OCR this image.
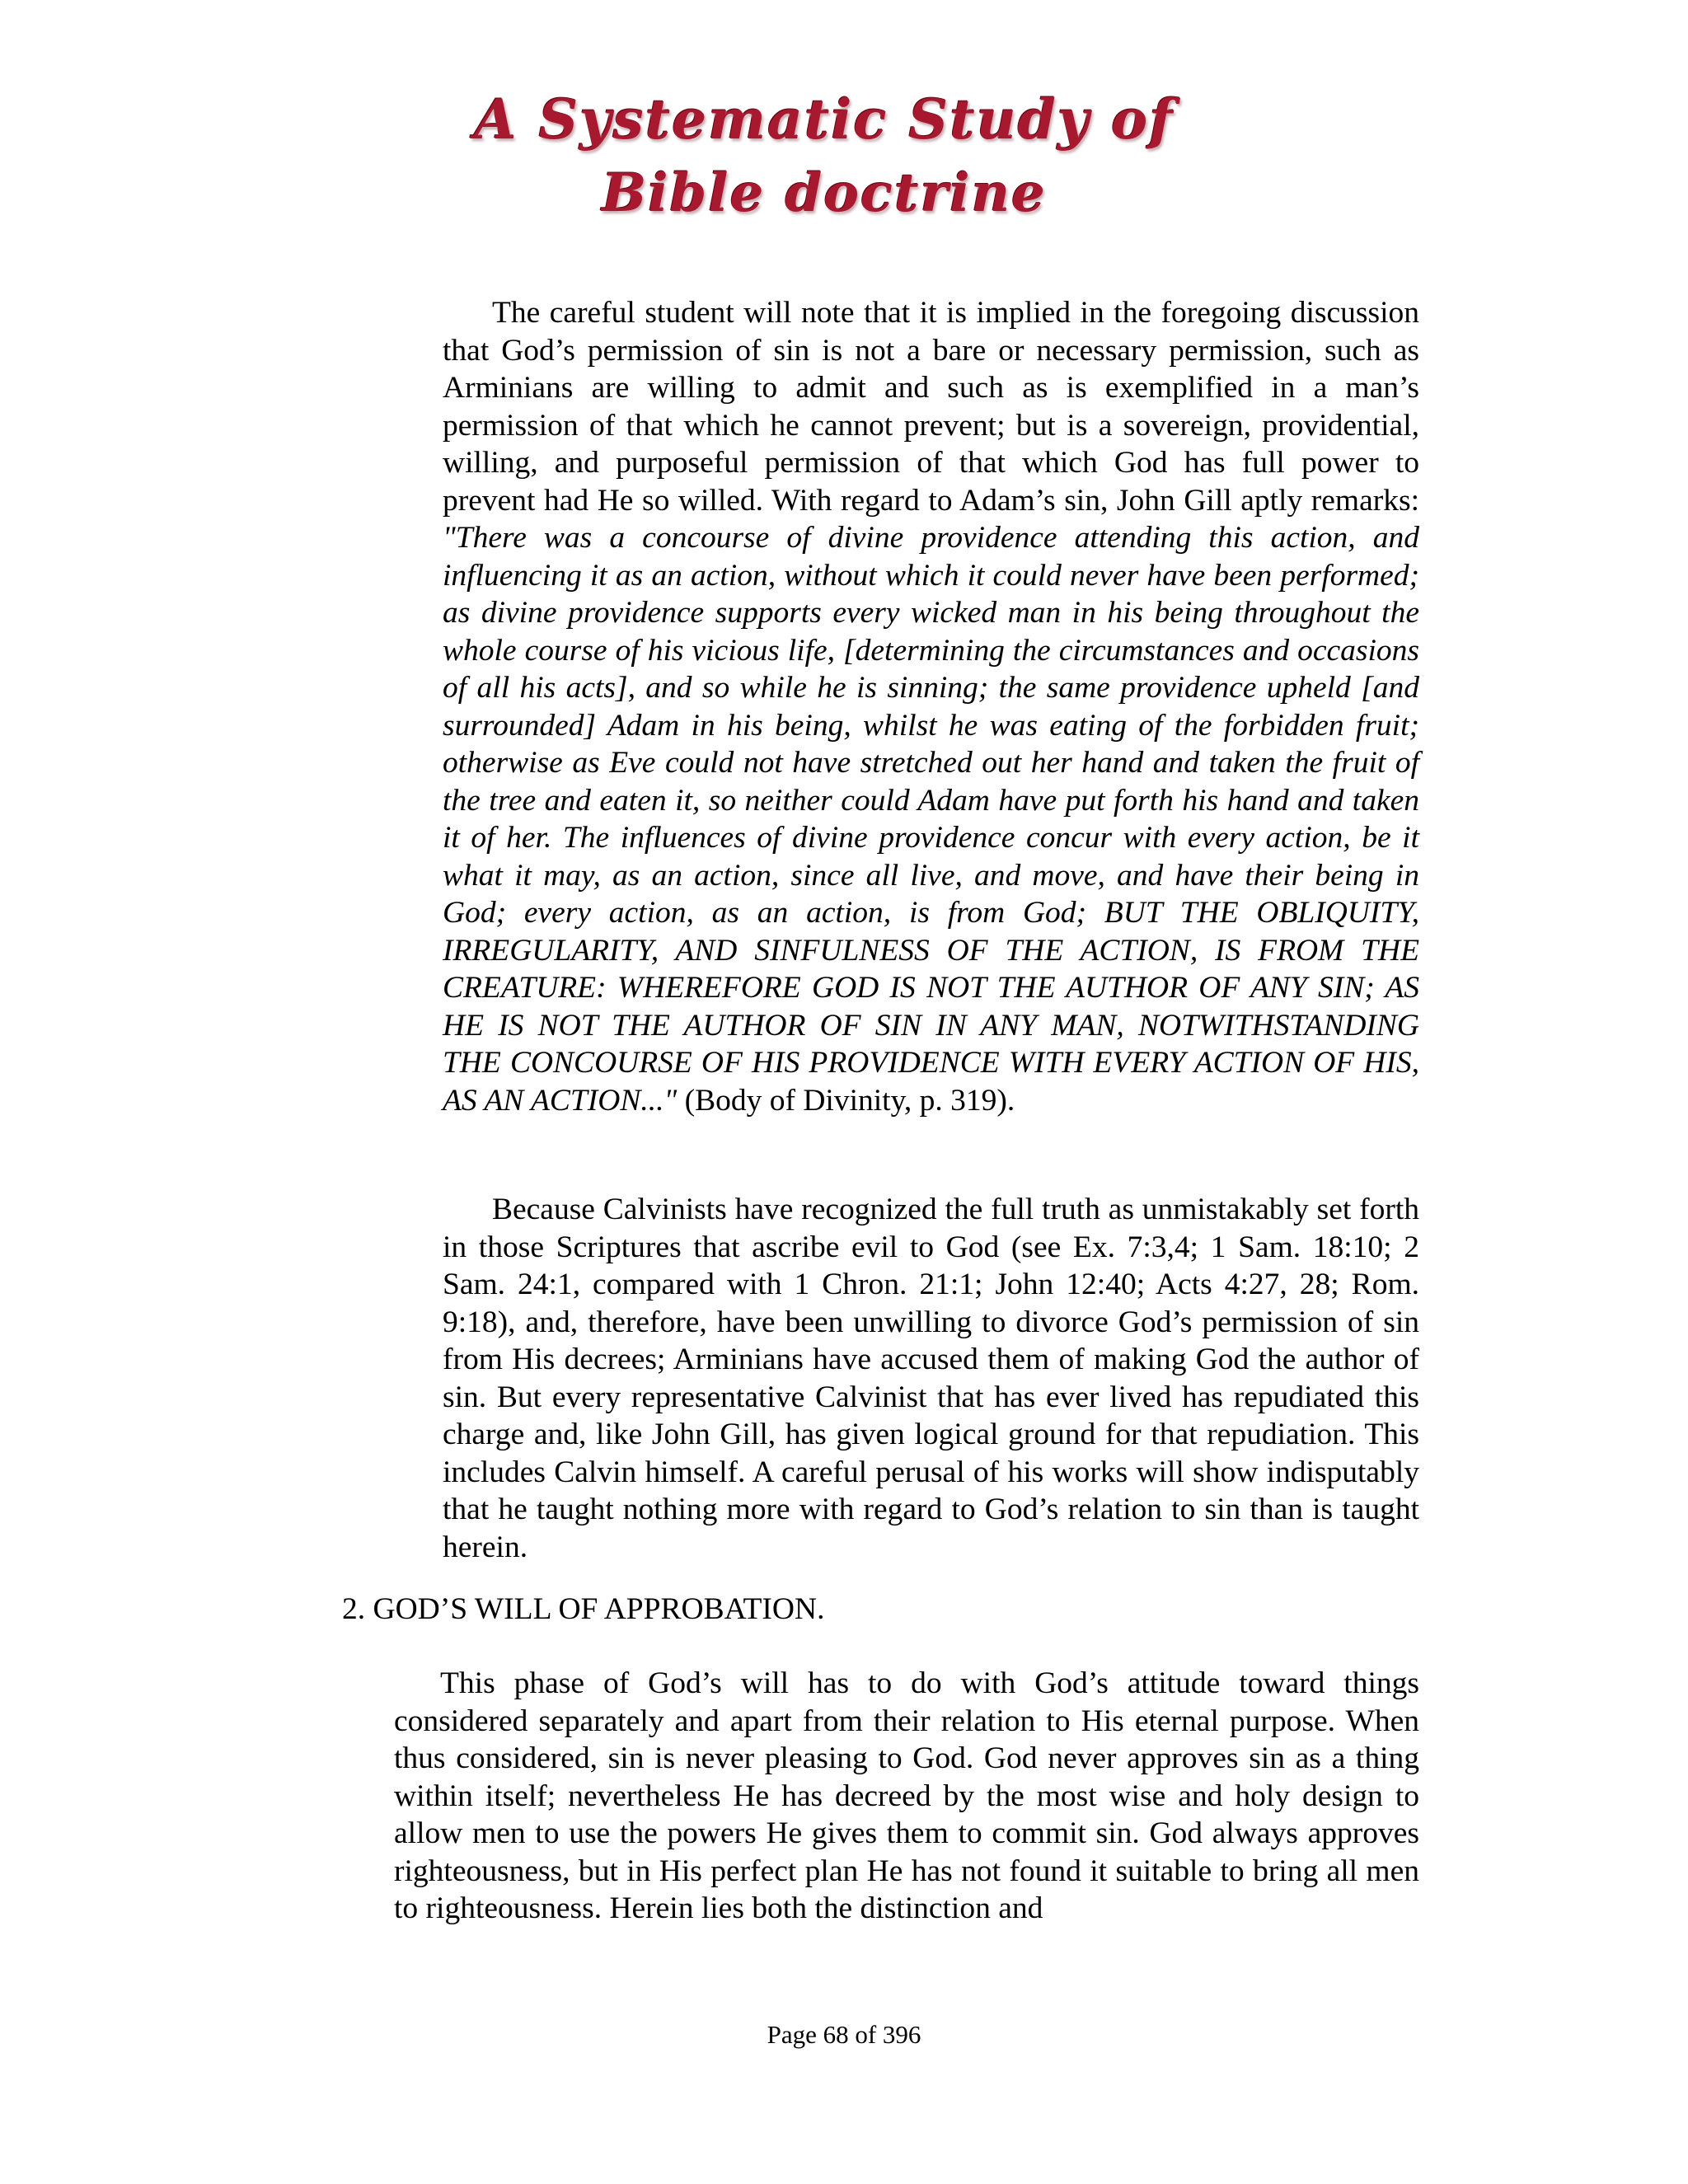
A Systematic Study of
Bible doctrine

The careful student will note that it is implied in the foregoing discussion that God’s permission of sin is not a bare or necessary permission, such as Arminians are willing to admit and such as is exemplified in a man’s permission of that which he cannot prevent; but is a sovereign, providential, willing, and purposeful permission of that which God has full power to prevent had He so willed. With regard to Adam’s sin, John Gill aptly remarks: "There was a concourse of divine providence attending this action, and influencing it as an action, without which it could never have been performed; as divine providence supports every wicked man in his being throughout the whole course of his vicious life, [determining the circumstances and occasions of all his acts], and so while he is sinning; the same providence upheld [and surrounded] Adam in his being, whilst he was eating of the forbidden fruit; otherwise as Eve could not have stretched out her hand and taken the fruit of the tree and eaten it, so neither could Adam have put forth his hand and taken it of her. The influences of divine providence concur with every action, be it what it may, as an action, since all live, and move, and have their being in God; every action, as an action, is from God; BUT THE OBLIQUITY, IRREGULARITY, AND SINFULNESS OF THE ACTION, IS FROM THE CREATURE: WHEREFORE GOD IS NOT THE AUTHOR OF ANY SIN; AS HE IS NOT THE AUTHOR OF SIN IN ANY MAN, NOTWITHSTANDING THE CONCOURSE OF HIS PROVIDENCE WITH EVERY ACTION OF HIS, AS AN ACTION..." (Body of Divinity, p. 319).

Because Calvinists have recognized the full truth as unmistakably set forth in those Scriptures that ascribe evil to God (see Ex. 7:3,4; 1 Sam. 18:10; 2 Sam. 24:1, compared with 1 Chron. 21:1; John 12:40; Acts 4:27, 28; Rom. 9:18), and, therefore, have been unwilling to divorce God’s permission of sin from His decrees; Arminians have accused them of making God the author of sin. But every representative Calvinist that has ever lived has repudiated this charge and, like John Gill, has given logical ground for that repudiation. This includes Calvin himself. A careful perusal of his works will show indisputably that he taught nothing more with regard to God’s relation to sin than is taught herein.

2. GOD’S WILL OF APPROBATION.

This phase of God’s will has to do with God’s attitude toward things considered separately and apart from their relation to His eternal purpose. When thus considered, sin is never pleasing to God. God never approves sin as a thing within itself; nevertheless He has decreed by the most wise and holy design to allow men to use the powers He gives them to commit sin. God always approves righteousness, but in His perfect plan He has not found it suitable to bring all men to righteousness. Herein lies both the distinction and

Page 68 of 396
